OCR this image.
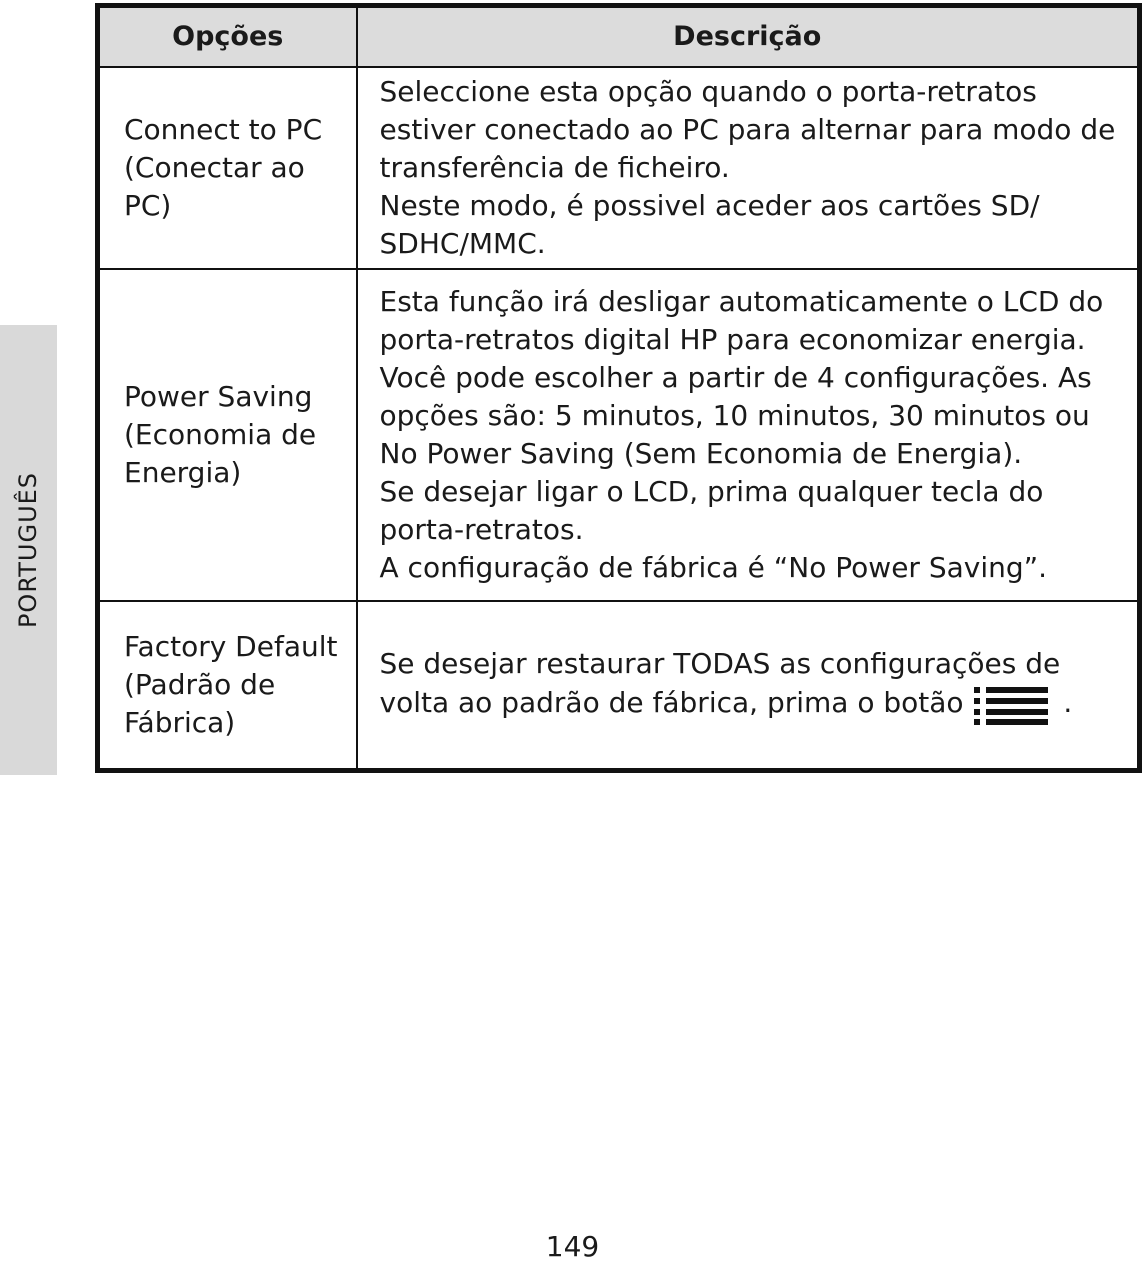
PORTUGUÊS
Opções	Descrição
Connect to PC (Conectar ao PC)	Seleccione esta opção quando o porta-retratos estiver conectado ao PC para alternar para modo de transferência de ficheiro.
Neste modo, é possivel aceder aos cartões SD/ SDHC/MMC.

Power Saving (Economia de Energia)	Esta função irá desligar automaticamente o LCD do porta-retratos digital HP para economizar energia. Você pode escolher a partir de 4 configurações. As opções são: 5 minutos, 10 minutos, 30 minutos ou No Power Saving (Sem Economia de Energia).
Se desejar ligar o LCD, prima qualquer tecla do porta-retratos.
A configuração de fábrica é “No Power Saving”.

Factory Default (Padrão de Fábrica)	Se desejar restaurar TODAS as configurações de volta ao padrão de fábrica, prima o botão .
149
